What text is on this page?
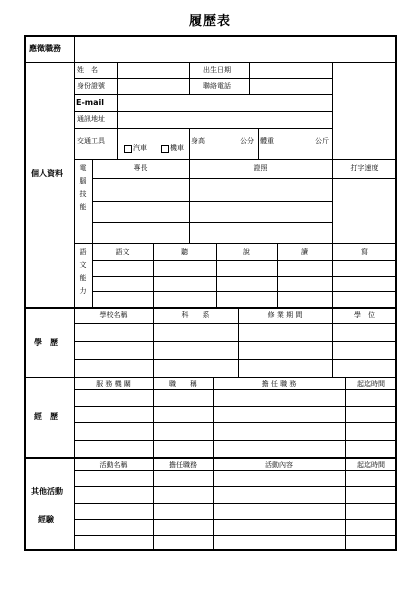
履歷表
應徵職務
個人資料
姓　名	出生日期
身份證號	聯絡電話
E-mail
通訊地址
交通工具
汽車	機車
身高	公分 體重	公斤
電
腦
技
能
專長	證照	打字速度
語
文
能
力
語文	聽	說	讀	寫
學　歷
學校名稱	科　　系	修 業 期 間	學　位
經　歷
服 務 機 關	職　　稱	擔 任 職 務	起迄時間
其他活動
經驗
活動名稱	擔任職務	活動內容	起迄時間
